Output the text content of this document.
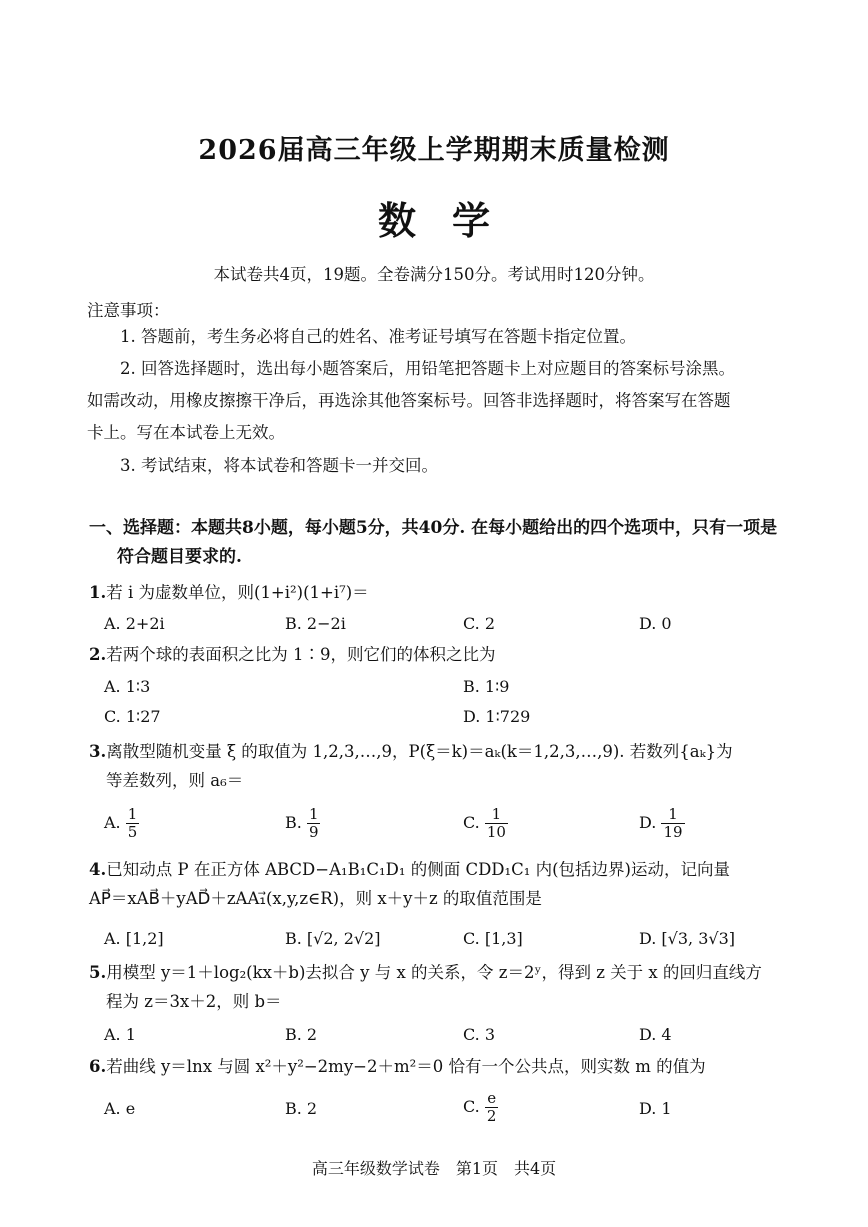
2026届高三年级上学期期末质量检测
数学
本试卷共4页，19题。全卷满分150分。考试用时120分钟。
注意事项：
1. 答题前，考生务必将自己的姓名、准考证号填写在答题卡指定位置。
2. 回答选择题时，选出每小题答案后，用铅笔把答题卡上对应题目的答案标号涂黑。
如需改动，用橡皮擦擦干净后，再选涂其他答案标号。回答非选择题时，将答案写在答题
卡上。写在本试卷上无效。
3. 考试结束，将本试卷和答题卡一并交回。
一、选择题：本题共8小题，每小题5分，共40分. 在每小题给出的四个选项中，只有一项是
符合题目要求的.
1.若 i 为虚数单位，则(1+i²)(1+i⁷)＝
A. 2+2i	B. 2−2i	C. 2	D. 0
2.若两个球的表面积之比为 1∶9，则它们的体积之比为
A. 1∶3	B. 1∶9
C. 1∶27	D. 1∶729
3.离散型随机变量 ξ 的取值为 1,2,3,…,9，P(ξ＝k)＝aₖ(k＝1,2,3,…,9). 若数列{aₖ}为
等差数列，则 a₆＝
A. $\frac{1}{5}$	B. $\frac{1}{9}$	C. $\frac{1}{10}$	D. $\frac{1}{19}$
4.已知动点 P 在正方体 ABCD−A₁B₁C₁D₁ 的侧面 CDD₁C₁ 内(包括边界)运动，记向量
AP⃗＝xAB⃗＋yAD⃗＋zAA₁⃗(x,y,z∈R)，则 x＋y＋z 的取值范围是
A. [1,2]	B. [√2, 2√2]	C. [1,3]	D. [√3, 3√3]
5.用模型 y＝1＋log₂(kx＋b)去拟合 y 与 x 的关系，令 z＝2ʸ，得到 z 关于 x 的回归直线方
程为 z＝3x＋2，则 b＝
A. 1	B. 2	C. 3	D. 4
6.若曲线 y＝lnx 与圆 x²＋y²−2my−2＋m²＝0 恰有一个公共点，则实数 m 的值为
A. e	B. 2	C. $\frac{e}{2}$	D. 1
高三年级数学试卷　第1页　共4页
